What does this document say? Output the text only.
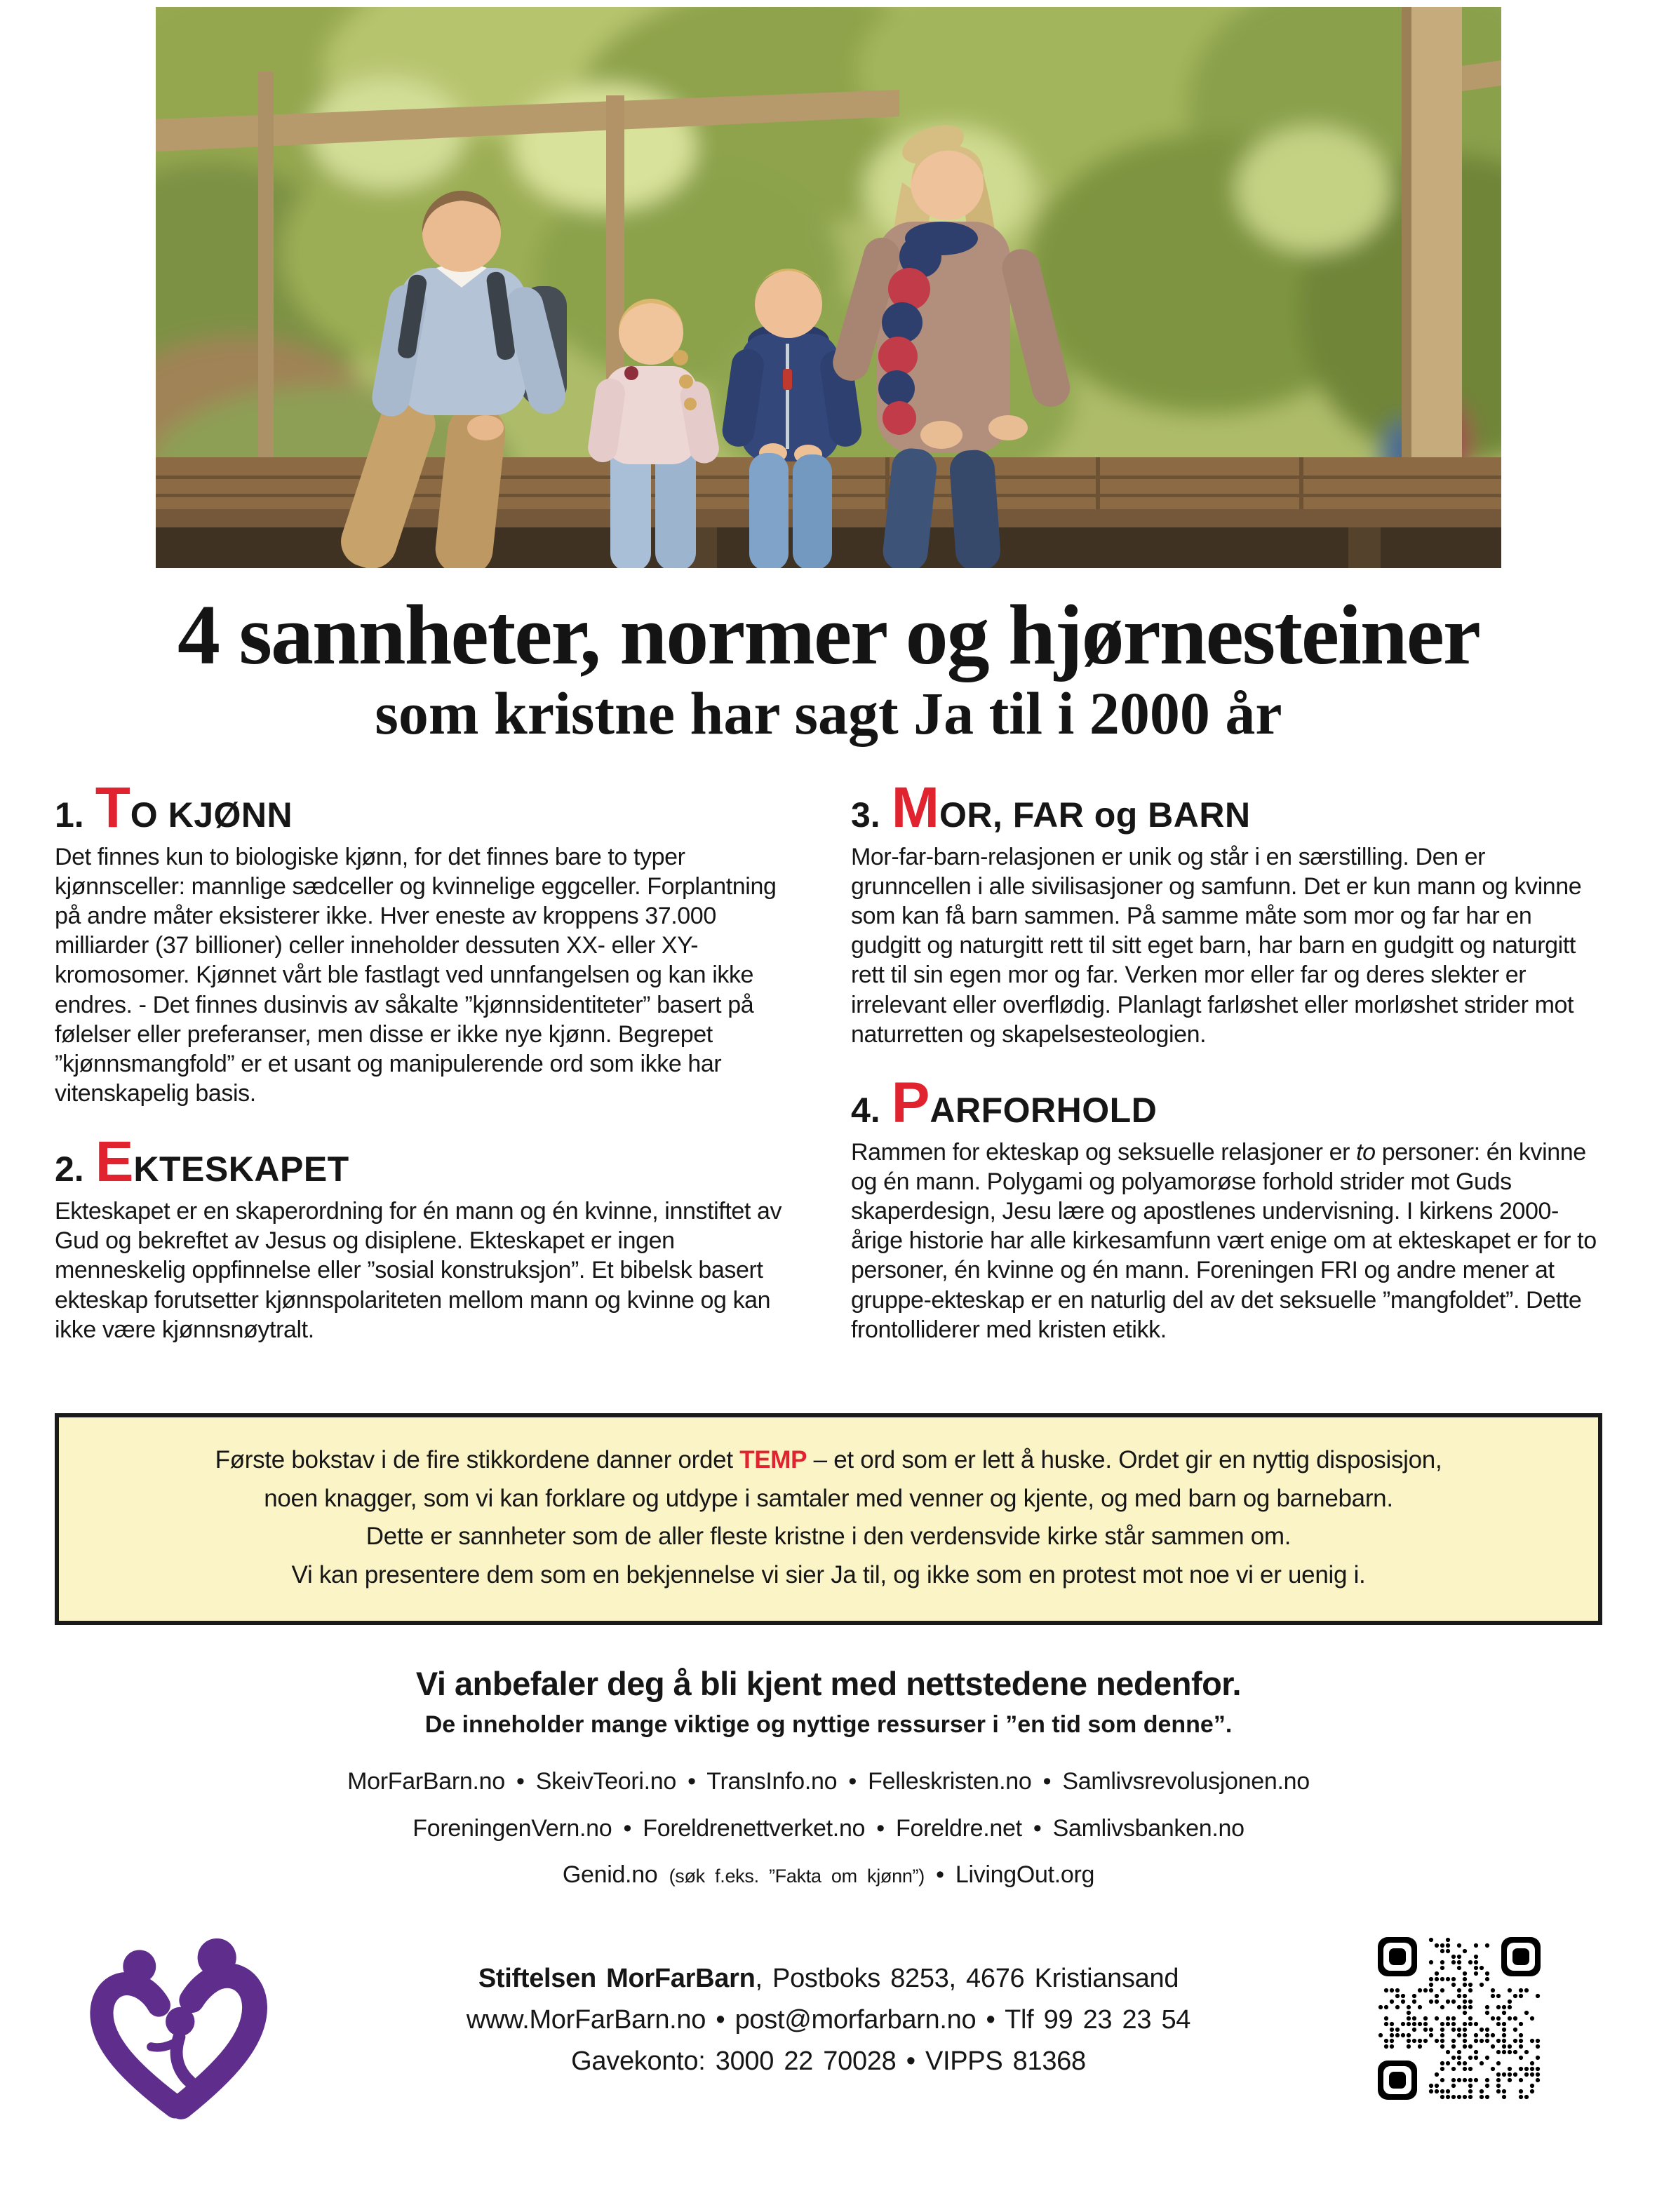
4 sannheter, normer og hjørnesteiner
som kristne har sagt Ja til i 2000 år
1. T O KJØNN
Det finnes kun to biologiske kjønn, for det finnes bare to typer kjønnsceller: mannlige sædceller og kvinnelige eggceller. Forplantning på andre måter eksisterer ikke. Hver eneste av kroppens 37.000 milliarder (37 billioner) celler inneholder dessuten XX- eller XY-kromosomer. Kjønnet vårt ble fastlagt ved unnfangelsen og kan ikke endres. - Det finnes dusinvis av såkalte ”kjønnsidentiteter” basert på følelser eller preferanser, men disse er ikke nye kjønn. Begrepet ”kjønnsmangfold” er et usant og manipulerende ord som ikke har vitenskapelig basis.
2. E KTESKAPET
Ekteskapet er en skaperordning for én mann og én kvinne, innstiftet av Gud og bekreftet av Jesus og disiplene. Ekteskapet er ingen menneskelig oppfinnelse eller ”sosial konstruksjon”. Et bibelsk basert ekteskap forutsetter kjønnspolariteten mellom mann og kvinne og kan ikke være kjønnsnøytralt.
3. M OR, FAR og BARN
Mor-far-barn-relasjonen er unik og står i en særstilling. Den er grunncellen i alle sivilisasjoner og samfunn. Det er kun mann og kvinne som kan få barn sammen. På samme måte som mor og far har en gudgitt og naturgitt rett til sitt eget barn, har barn en gudgitt og naturgitt rett til sin egen mor og far. Verken mor eller far og deres slekter er irrelevant eller overflødig. Planlagt farløshet eller morløshet strider mot naturretten og skapelsesteologien.
4. P ARFORHOLD
Rammen for ekteskap og seksuelle relasjoner er to personer: én kvinne og én mann. Polygami og polyamorøse forhold strider mot Guds skaperdesign, Jesu lære og apostlenes undervisning. I kirkens 2000-årige historie har alle kirkesamfunn vært enige om at ekteskapet er for to personer, én kvinne og én mann. Foreningen FRI og andre mener at gruppe-ekteskap er en naturlig del av det seksuelle ”mangfoldet”. Dette frontolliderer med kristen etikk.
Første bokstav i de fire stikkordene danner ordet TEMP – et ord som er lett å huske. Ordet gir en nyttig disposisjon,
noen knagger, som vi kan forklare og utdype i samtaler med venner og kjente, og med barn og barnebarn.
Dette er sannheter som de aller fleste kristne i den verdensvide kirke står sammen om.
Vi kan presentere dem som en bekjennelse vi sier Ja til, og ikke som en protest mot noe vi er uenig i.
Vi anbefaler deg å bli kjent med nettstedene nedenfor.
De inneholder mange viktige og nyttige ressurser i ”en tid som denne”.
MorFarBarn.no • SkeivTeori.no • TransInfo.no • Felleskristen.no • Samlivsrevolusjonen.no
ForeningenVern.no • Foreldrenettverket.no • Foreldre.net • Samlivsbanken.no
Genid.no (søk f.eks. ”Fakta om kjønn”) • LivingOut.org
Stiftelsen MorFarBarn, Postboks 8253, 4676 Kristiansand
www.MorFarBarn.no • post@morfarbarn.no • Tlf 99 23 23 54
Gavekonto: 3000 22 70028 • VIPPS 81368
